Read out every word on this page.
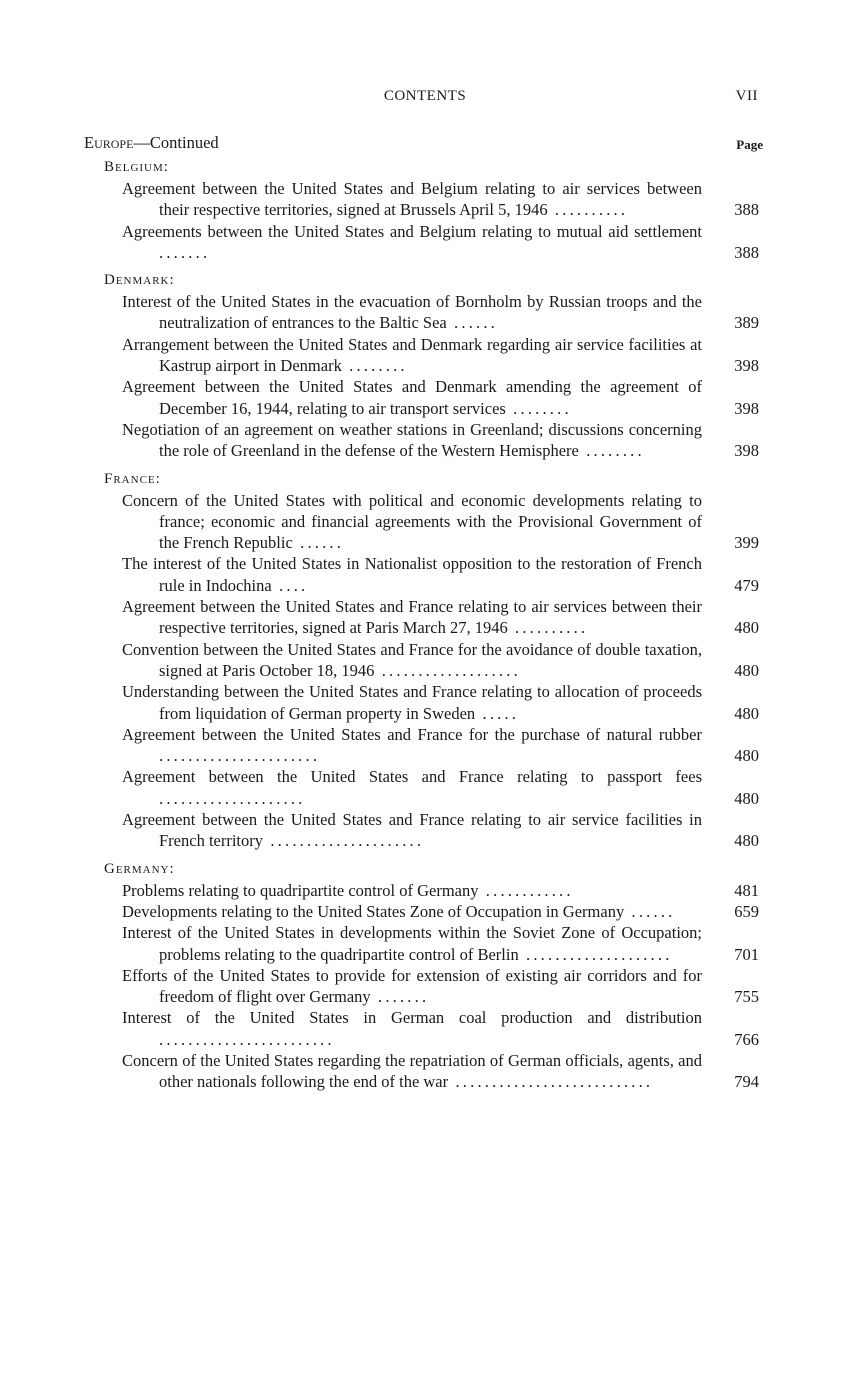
CONTENTS	VII
Europe—Continued	Page
Belgium:
Agreement between the United States and Belgium relating to air services between their respective territories, signed at Brussels April 5, 1946 ..........	388
Agreements between the United States and Belgium relating to mutual aid settlement .......	388
Denmark:
Interest of the United States in the evacuation of Bornholm by Russian troops and the neutralization of entrances to the Baltic Sea ......	389
Arrangement between the United States and Denmark regarding air service facilities at Kastrup airport in Denmark ........	398
Agreement between the United States and Denmark amending the agreement of December 16, 1944, relating to air transport services ........	398
Negotiation of an agreement on weather stations in Greenland; discussions concerning the role of Greenland in the defense of the Western Hemisphere ........	398
France:
Concern of the United States with political and economic developments relating to france; economic and financial agreements with the Provisional Government of the French Republic ......	399
The interest of the United States in Nationalist opposition to the restoration of French rule in Indochina ....	479
Agreement between the United States and France relating to air services between their respective territories, signed at Paris March 27, 1946 ..........	480
Convention between the United States and France for the avoidance of double taxation, signed at Paris October 18, 1946 ...................	480
Understanding between the United States and France relating to allocation of proceeds from liquidation of German property in Sweden .....	480
Agreement between the United States and France for the purchase of natural rubber ......................	480
Agreement between the United States and France relating to passport fees ....................	480
Agreement between the United States and France relating to air service facilities in French territory .....................	480
Germany:
Problems relating to quadripartite control of Germany ............	481
Developments relating to the United States Zone of Occupation in Germany ......	659
Interest of the United States in developments within the Soviet Zone of Occupation; problems relating to the quadripartite control of Berlin ....................	701
Efforts of the United States to provide for extension of existing air corridors and for freedom of flight over Germany .......	755
Interest of the United States in German coal production and distribution ........................	766
Concern of the United States regarding the repatriation of German officials, agents, and other nationals following the end of the war ...........................	794
